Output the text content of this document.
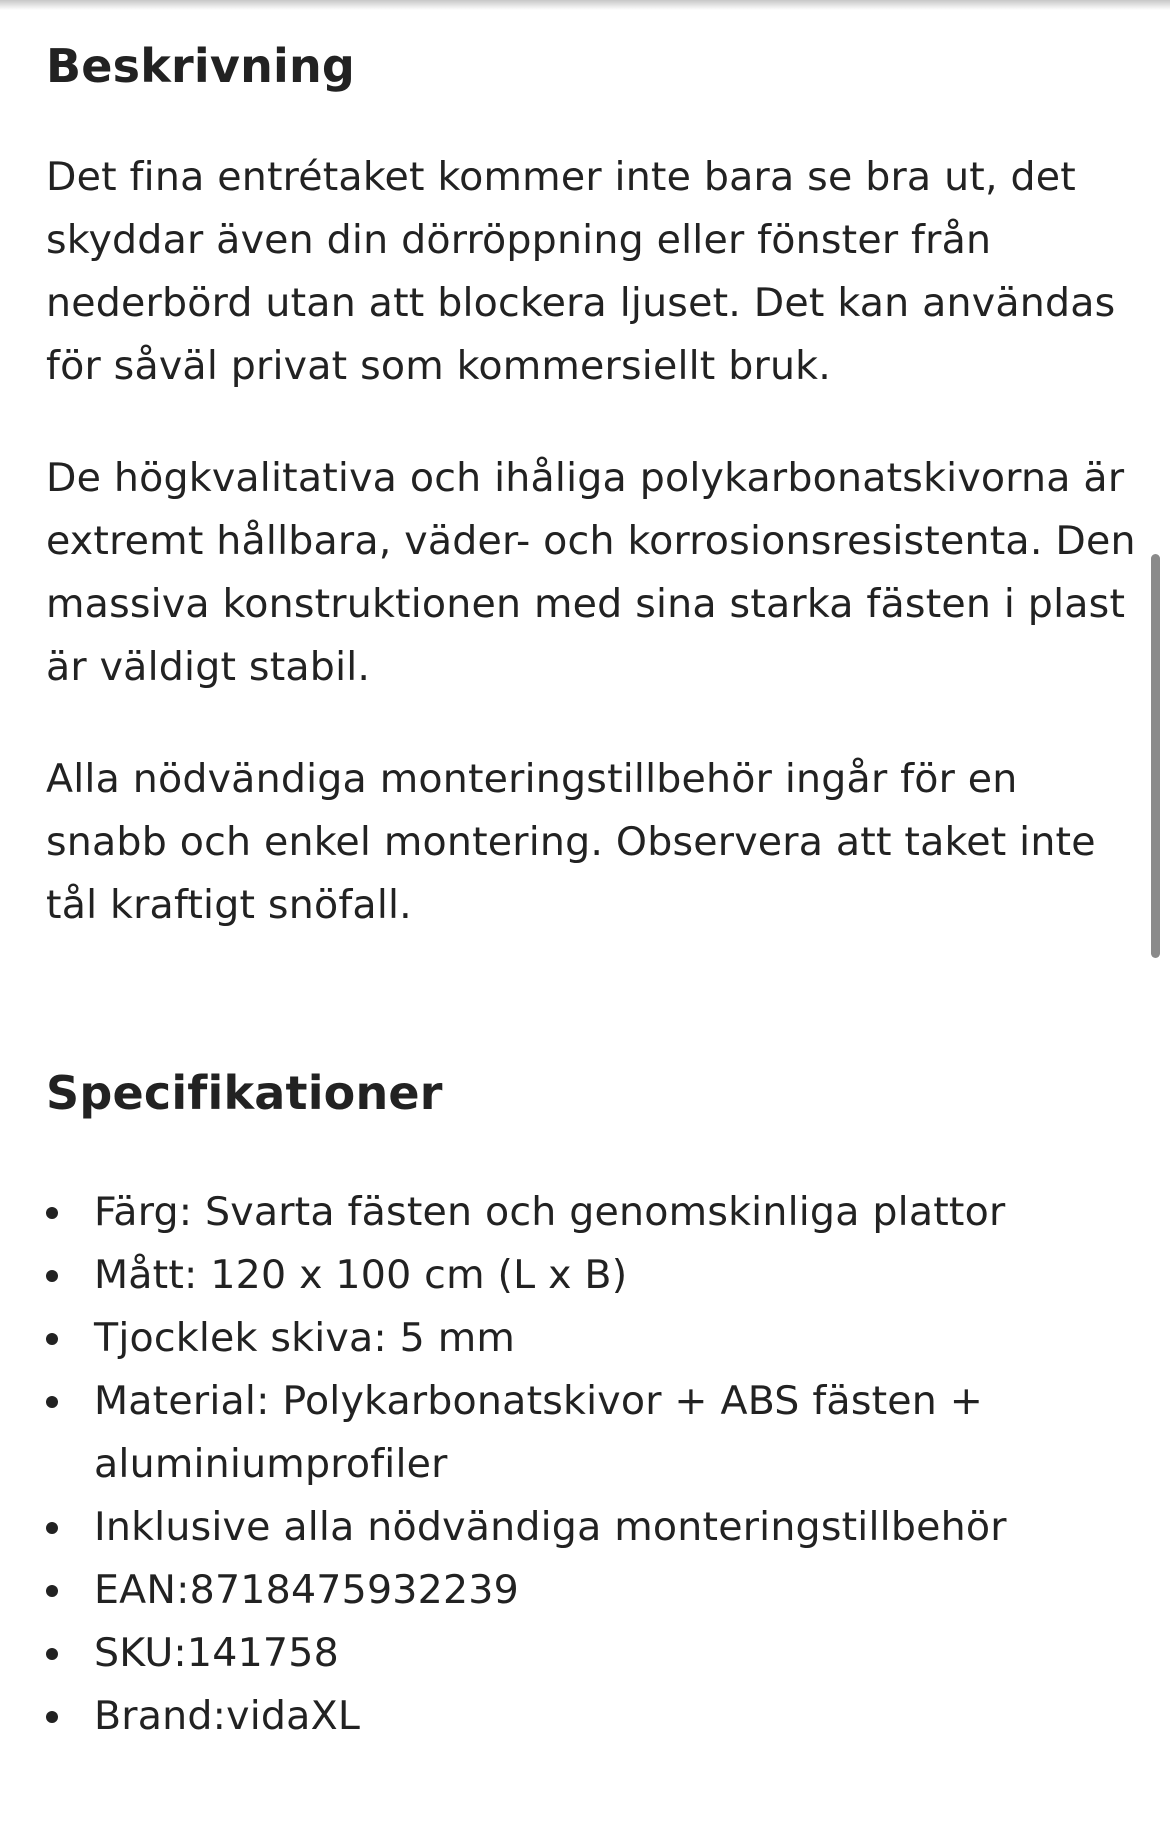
Beskrivning

Det fina entrétaket kommer inte bara se bra ut, det skyddar även din dörröppning eller fönster från nederbörd utan att blockera ljuset. Det kan användas för såväl privat som kommersiellt bruk.

De högkvalitativa och ihåliga polykarbonatskivorna är extremt hållbara, väder- och korrosionsresistenta. Den massiva konstruktionen med sina starka fästen i plast är väldigt stabil.

Alla nödvändiga monteringstillbehör ingår för en snabb och enkel montering. Observera att taket inte tål kraftigt snöfall.

Specifikationer
Färg: Svarta fästen och genomskinliga plattor
Mått: 120 x 100 cm (L x B)
Tjocklek skiva: 5 mm
Material: Polykarbonatskivor + ABS fästen + aluminiumprofiler
Inklusive alla nödvändiga monteringstillbehör
EAN:8718475932239
SKU:141758
Brand:vidaXL
